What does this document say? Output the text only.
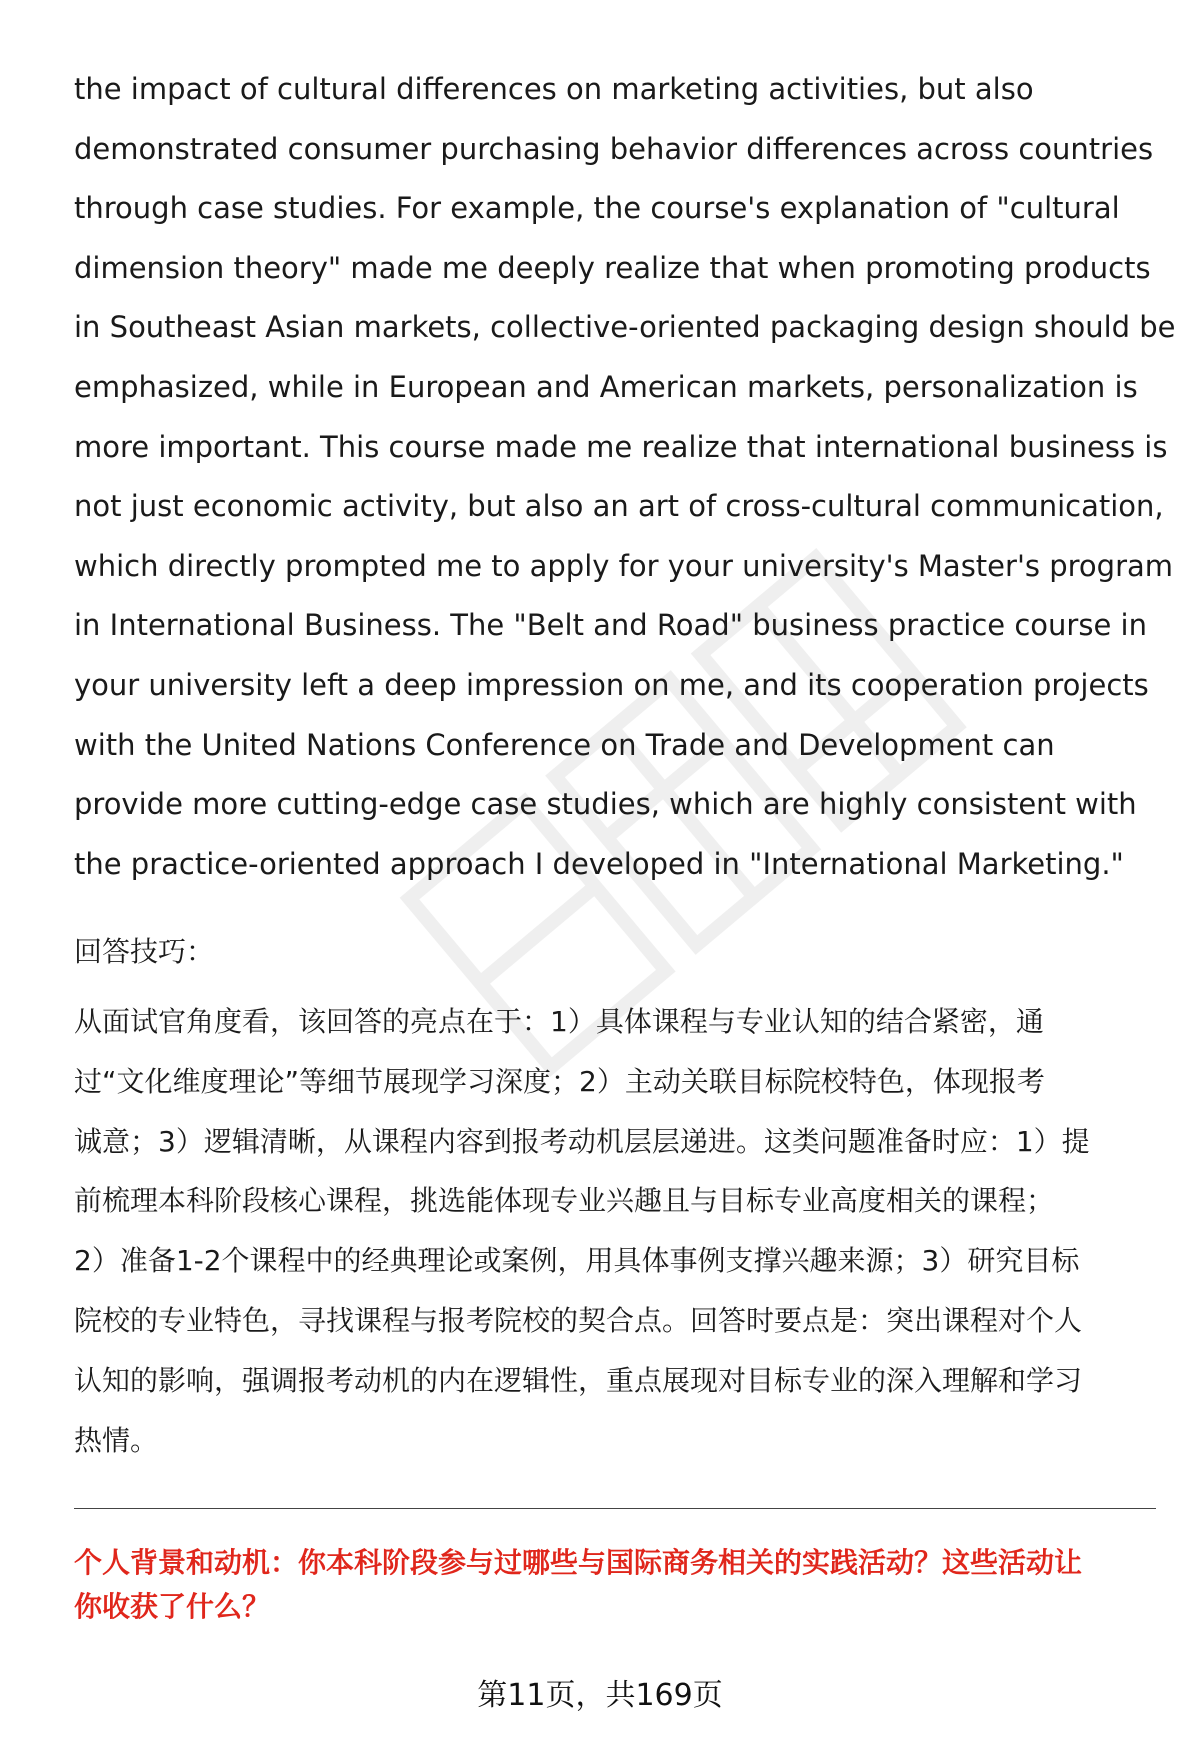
the impact of cultural differences on marketing activities, but also
demonstrated consumer purchasing behavior differences across countries
through case studies. For example, the course's explanation of "cultural
dimension theory" made me deeply realize that when promoting products
in Southeast Asian markets, collective-oriented packaging design should be
emphasized, while in European and American markets, personalization is
more important. This course made me realize that international business is
not just economic activity, but also an art of cross-cultural communication,
which directly prompted me to apply for your university's Master's program
in International Business. The "Belt and Road" business practice course in
your university left a deep impression on me, and its cooperation projects
with the United Nations Conference on Trade and Development can
provide more cutting-edge case studies, which are highly consistent with
the practice-oriented approach I developed in "International Marketing."
回答技巧：
从面试官角度看，该回答的亮点在于：1）具体课程与专业认知的结合紧密，通
过“文化维度理论”等细节展现学习深度；2）主动关联目标院校特色，体现报考
诚意；3）逻辑清晰，从课程内容到报考动机层层递进。这类问题准备时应：1）提
前梳理本科阶段核心课程，挑选能体现专业兴趣且与目标专业高度相关的课程；
2）准备1-2个课程中的经典理论或案例，用具体事例支撑兴趣来源；3）研究目标
院校的专业特色，寻找课程与报考院校的契合点。回答时要点是：突出课程对个人
认知的影响，强调报考动机的内在逻辑性，重点展现对目标专业的深入理解和学习
热情。
个人背景和动机：你本科阶段参与过哪些与国际商务相关的实践活动？这些活动让
你收获了什么？
第11页，共169页
